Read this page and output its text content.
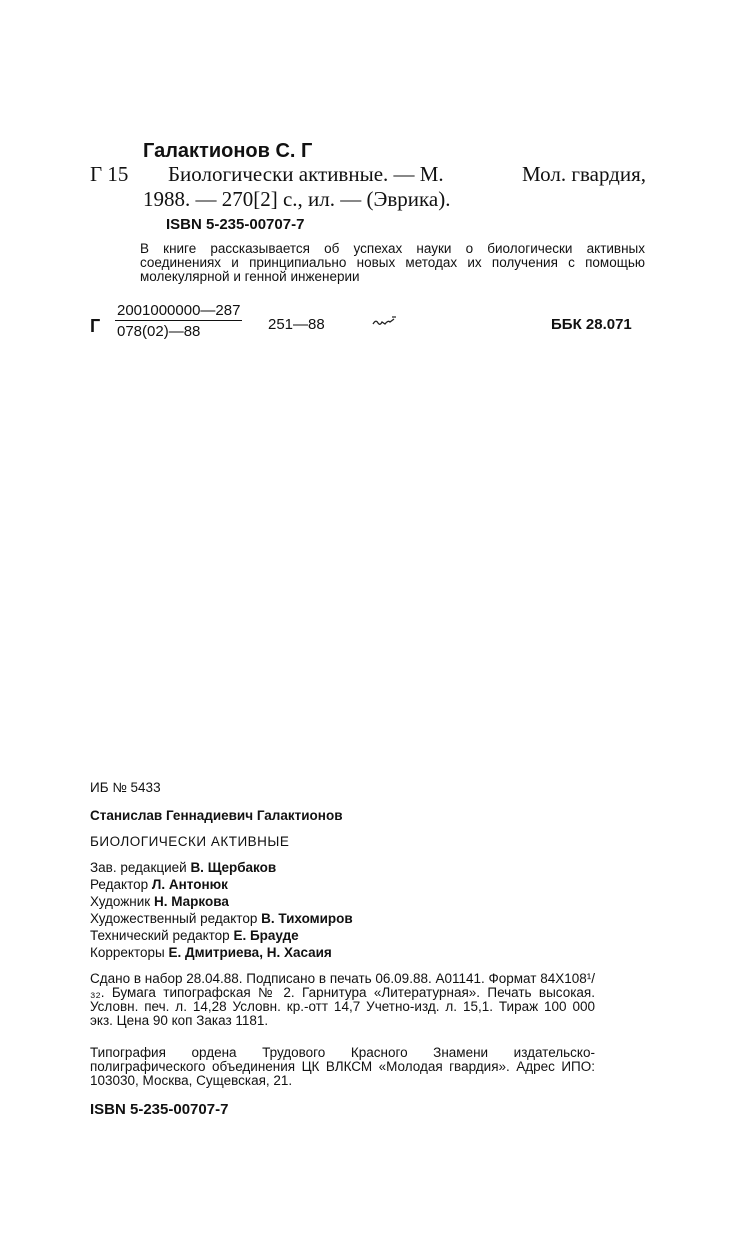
Галактионов С. Г
Г 15 Биологически активные. — М.	Мол. гвардия,
1988. — 270[2] с., ил. — (Эврика).
ISBN 5-235-00707-7
В книге рассказывается об успехах науки о биологически активных соединениях и принципиально новых методах их получения с помощью молекулярной и генной инженерии
Г $\frac{2001000000—287}{078(02)—88}$ 251—88	ББК 28.071
ИБ № 5433
Станислав Геннадиевич Галактионов
БИОЛОГИЧЕСКИ АКТИВНЫЕ
Зав. редакцией В. Щербаков
Редактор Л. Антонюк
Художник Н. Маркова
Художественный редактор В. Тихомиров
Технический редактор Е. Брауде
Корректоры Е. Дмитриева, Н. Хасаия
Сдано в набор 28.04.88. Подписано в печать 06.09.88. А01141. Формат 84Х108¹/₃₂. Бумага типографская № 2. Гарнитура «Литературная». Печать высокая. Условн. печ. л. 14,28 Условн. кр.-отт 14,7 Учетно-изд. л. 15,1. Тираж 100 000 экз. Цена 90 коп Заказ 1181.
Типография ордена Трудового Красного Знамени издательско-полиграфического объединения ЦК ВЛКСМ «Молодая гвардия». Адрес ИПО: 103030, Москва, Сущевская, 21.
ISBN 5-235-00707-7
